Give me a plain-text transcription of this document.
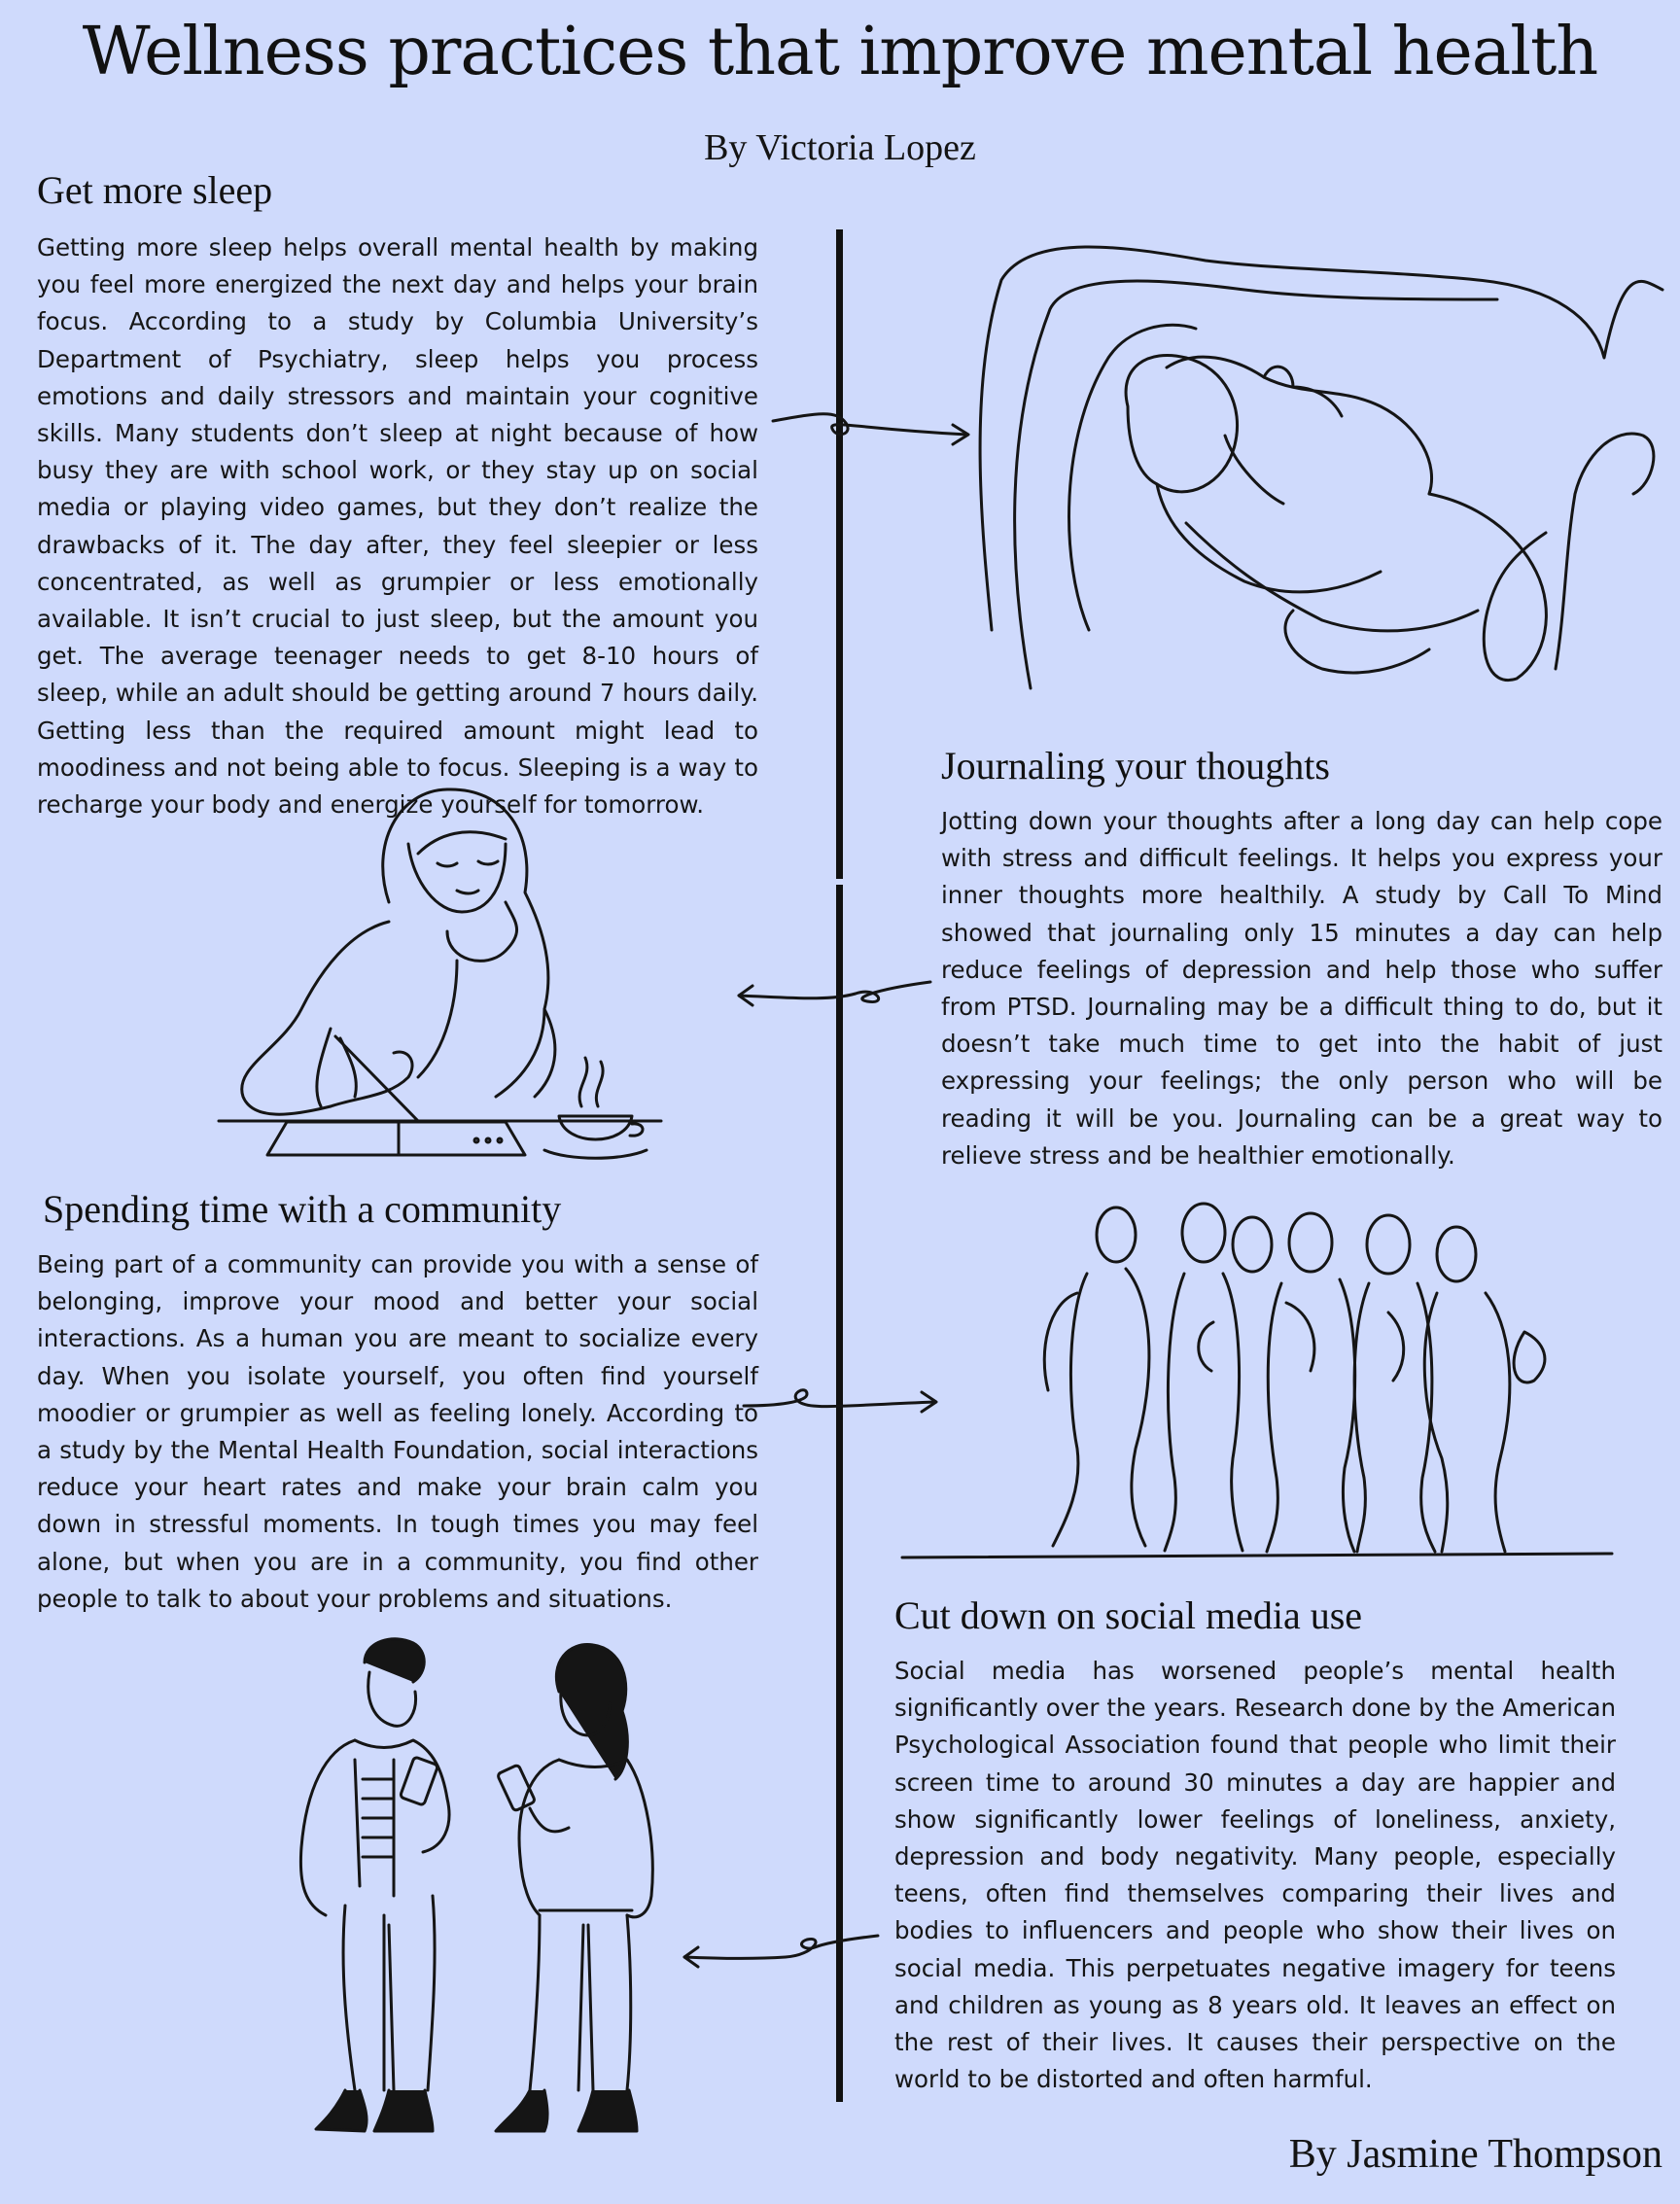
Wellness practices that improve mental health
By Victoria Lopez
Get more sleep

Getting more sleep helps overall mental health by making you feel more energized the next day and helps your brain focus. According to a study by Columbia University’s Department of Psychiatry, sleep helps you process emotions and daily stressors and maintain your cognitive skills. Many students don’t sleep at night because of how busy they are with school work, or they stay up on social media or playing video games, but they don’t realize the drawbacks of it. The day after, they feel sleepier or less concentrated, as well as grumpier or less emotionally available. It isn’t crucial to just sleep, but the amount you get. The average teenager needs to get 8-10 hours of sleep, while an adult should be getting around 7 hours daily. Getting less than the required amount might lead to moodiness and not being able to focus. Sleeping is a way to recharge your body and energize yourself for tomorrow.

Journaling your thoughts

Jotting down your thoughts after a long day can help cope with stress and difficult feelings. It helps you express your inner thoughts more healthily. A study by Call To Mind showed that journaling only 15 minutes a day can help reduce feelings of depression and help those who suffer from PTSD. Journaling may be a difficult thing to do, but it doesn’t take much time to get into the habit of just expressing your feelings; the only person who will be reading it will be you. Journaling can be a great way to relieve stress and be healthier emotionally.

Spending time with a community

Being part of a community can provide you with a sense of belonging, improve your mood and better your social interactions. As a human you are meant to socialize every day. When you isolate yourself, you often find yourself moodier or grumpier as well as feeling lonely. According to a study by the Mental Health Foundation, social interactions reduce your heart rates and make your brain calm you down in stressful moments. In tough times you may feel alone, but when you are in a community, you find other people to talk to about your problems and situations.	Cut down on social media use

Social media has worsened people’s mental health significantly over the years. Research done by the American Psychological Association found that people who limit their screen time to around 30 minutes a day are happier and show significantly lower feelings of loneliness, anxiety, depression and body negativity. Many people, especially teens, often find themselves comparing their lives and bodies to influencers and people who show their lives on social media. This perpetuates negative imagery for teens and children as young as 8 years old. It leaves an effect on the rest of their lives. It causes their perspective on the world to be distorted and often harmful.

By Jasmine Thompson
